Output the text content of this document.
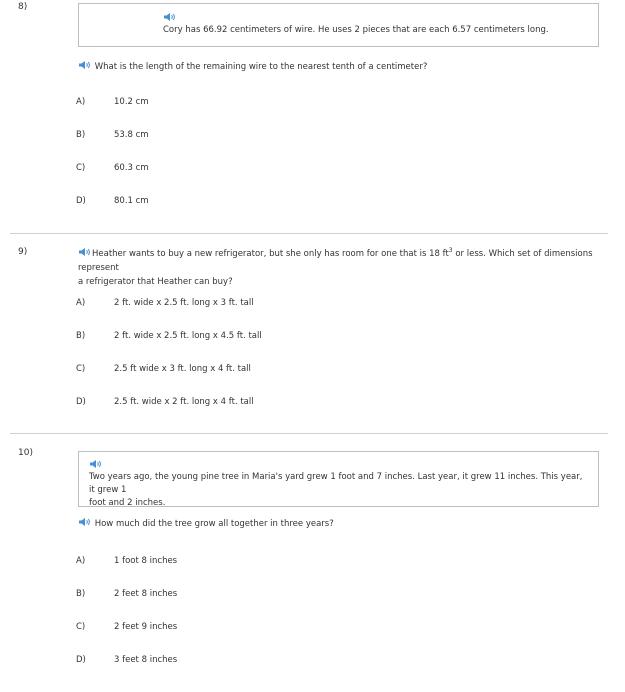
8)
Cory has 66.92 centimeters of wire. He uses 2 pieces that are each 6.57 centimeters long.
What is the length of the remaining wire to the nearest tenth of a centimeter?
A)	10.2 cm
B)	53.8 cm
C)	60.3 cm
D)	80.1 cm
9)	Heather wants to buy a new refrigerator, but she only has room for one that is 18 $ft^3$ or less. Which set of dimensions represent
a refrigerator that Heather can buy?
A)	2 ft. wide x 2.5 ft. long x 3 ft. tall
B)	2 ft. wide x 2.5 ft. long x 4.5 ft. tall
C)	2.5 ft wide x 3 ft. long x 4 ft. tall
D)	2.5 ft. wide x 2 ft. long x 4 ft. tall
10)
Two years ago, the young pine tree in Maria's yard grew 1 foot and 7 inches. Last year, it grew 11 inches. This year, it grew 1
foot and 2 inches.
How much did the tree grow all together in three years?
A)	1 foot 8 inches
B)	2 feet 8 inches
C)	2 feet 9 inches
D)	3 feet 8 inches
